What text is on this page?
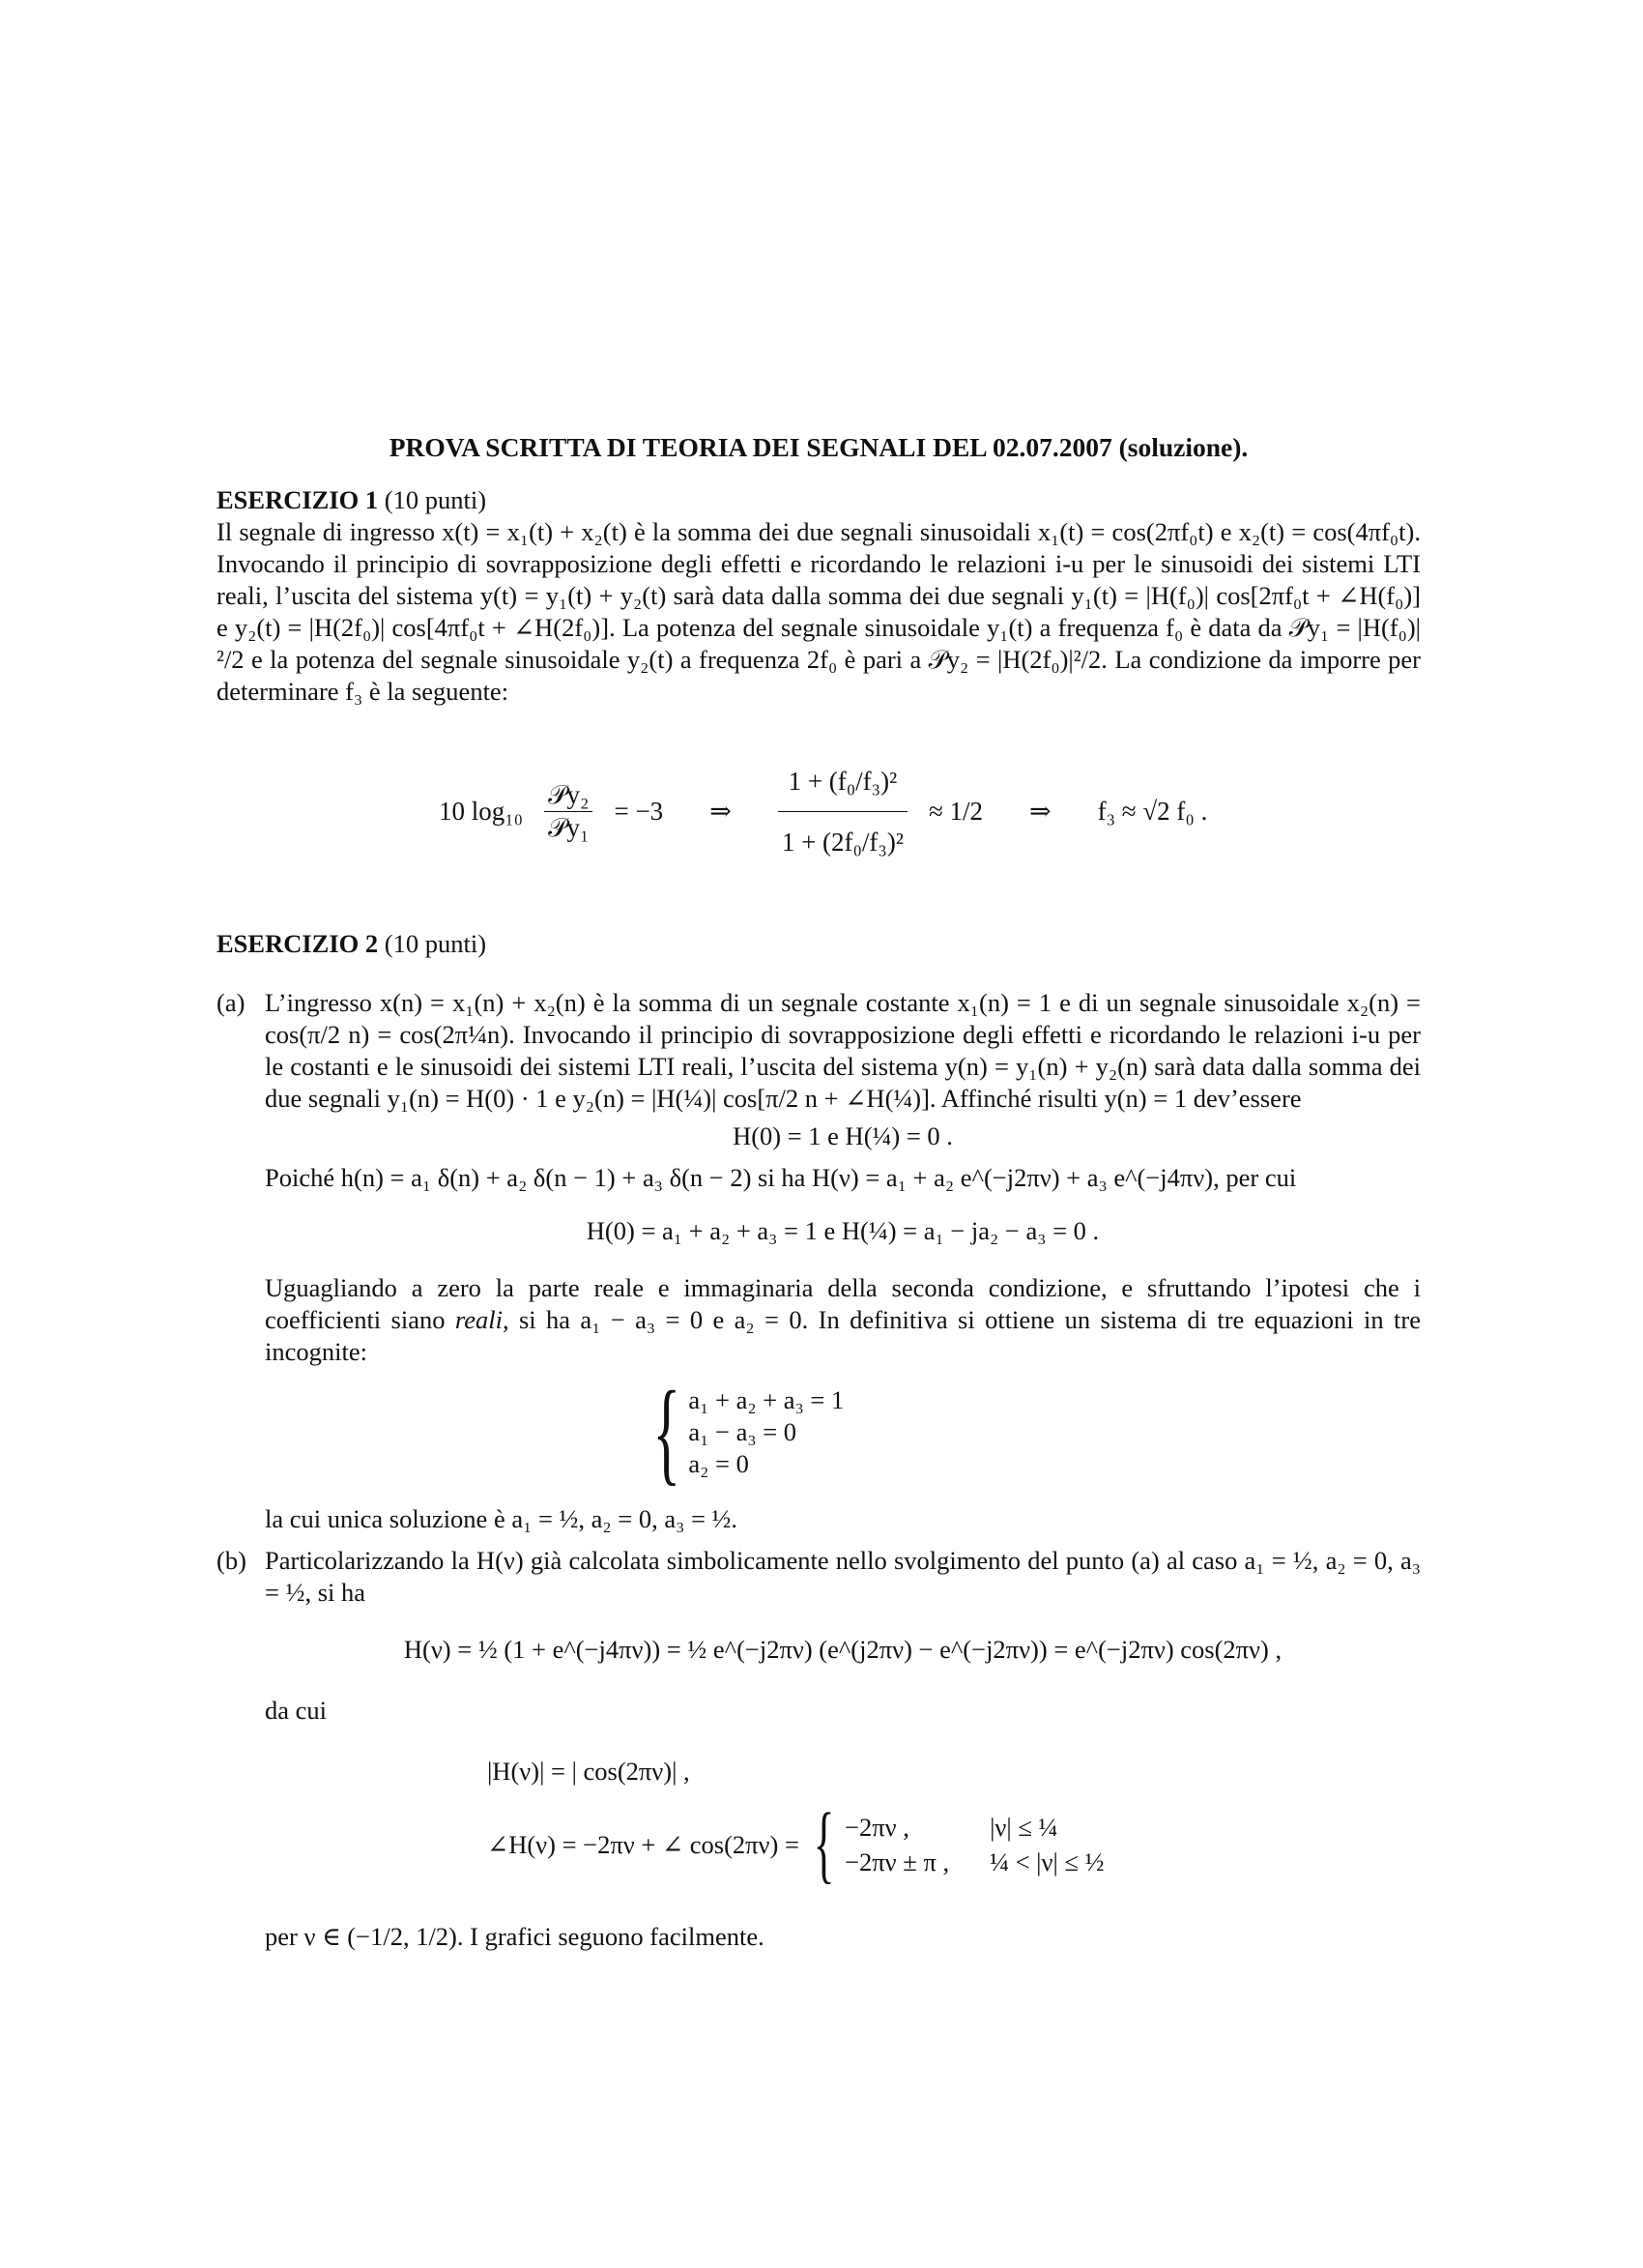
PROVA SCRITTA DI TEORIA DEI SEGNALI DEL 02.07.2007 (soluzione).
ESERCIZIO 1 (10 punti)

Il segnale di ingresso x(t) = x₁(t) + x₂(t) è la somma dei due segnali sinusoidali x₁(t) = cos(2πf₀t) e x₂(t) = cos(4πf₀t). Invocando il principio di sovrapposizione degli effetti e ricordando le relazioni i-u per le sinusoidi dei sistemi LTI reali, l’uscita del sistema y(t) = y₁(t) + y₂(t) sarà data dalla somma dei due segnali y₁(t) = |H(f₀)| cos[2πf₀t + ∠H(f₀)] e y₂(t) = |H(2f₀)| cos[4πf₀t + ∠H(2f₀)]. La potenza del segnale sinusoidale y₁(t) a frequenza f₀ è data da 𝒫y₁ = |H(f₀)|²/2 e la potenza del segnale sinusoidale y₂(t) a frequenza 2f₀ è pari a 𝒫y₂ = |H(2f₀)|²/2. La condizione da imporre per determinare f₃ è la seguente:

10 $\log_{10} \frac{\text{𝒫y₂}}{\text{𝒫y₁}} = -3$ ⇒ $\frac{\text{1 + (f₀/f₃)²}}{\text{1 + (2f₀/f₃)²}} \approx 1/2$ ⇒ f₃ ≈ √2 f₀ .
ESERCIZIO 2 (10 punti)
(a) L’ingresso x(n) = x₁(n) + x₂(n) è la somma di un segnale costante x₁(n) = 1 e di un segnale sinusoidale x₂(n) = cos(π/2 n) = cos(2π¼n). Invocando il principio di sovrapposizione degli effetti e ricordando le relazioni i-u per le costanti e le sinusoidi dei sistemi LTI reali, l’uscita del sistema y(n) = y₁(n) + y₂(n) sarà data dalla somma dei due segnali y₁(n) = H(0) · 1 e y₂(n) = |H(¼)| cos[π/2 n + ∠H(¼)]. Affinché risulti y(n) = 1 dev’essere

H(0) = 1 e H(¼) = 0 .

Poiché h(n) = a₁ δ(n) + a₂ δ(n − 1) + a₃ δ(n − 2) si ha H(ν) = a₁ + a₂ e^(−j2πν) + a₃ e^(−j4πν), per cui

H(0) = a₁ + a₂ + a₃ = 1 e H(¼) = a₁ − ja₂ − a₃ = 0 .

Uguagliando a zero la parte reale e immaginaria della seconda condizione, e sfruttando l’ipotesi che i coefficienti siano reali, si ha a₁ − a₃ = 0 e a₂ = 0. In definitiva si ottiene un sistema di tre equazioni in tre incognite:

{ a₁ + a₂ + a₃ = 1
a₁ − a₃ = 0
a₂ = 0

la cui unica soluzione è a₁ = ½, a₂ = 0, a₃ = ½.

(b) Particolarizzando la H(ν) già calcolata simbolicamente nello svolgimento del punto (a) al caso a₁ = ½, a₂ = 0, a₃ = ½, si ha

H(ν) = ½ (1 + e^(−j4πν)) = ½ e^(−j2πν) (e^(j2πν) − e^(−j2πν)) = e^(−j2πν) cos(2πν) ,

da cui

|H(ν)| = | cos(2πν)| ,
∠H(ν) = −2πν + ∠ cos(2πν) = { −2πν ,	|ν| ≤ ¼
−2πν ± π ,	¼ < |ν| ≤ ½

per ν ∈ (−1/2, 1/2). I grafici seguono facilmente.
